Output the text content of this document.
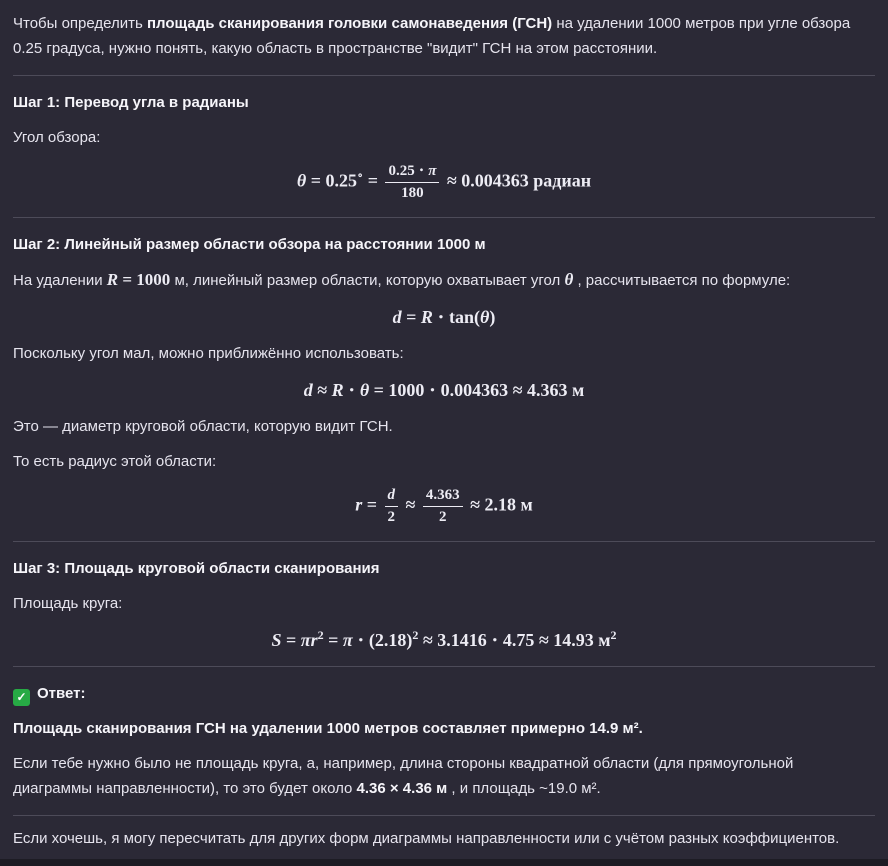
Чтобы определить площадь сканирования головки самонаведения (ГСН) на удалении 1000 метров при угле обзора 0.25 градуса, нужно понять, какую область в пространстве "видит" ГСН на этом расстоянии.

Шаг 1: Перевод угла в радианы

Угол обзора:

$\theta = 0.25^\circ = \frac{0.25 \cdot \pi}{180} \approx 0.004363$ радиан

Шаг 2: Линейный размер области обзора на расстоянии 1000 м

На удалении R = 1000 м, линейный размер области, которую охватывает угол θ , рассчитывается по формуле:

d = R ⋅ tan(θ)

Поскольку угол мал, можно приближённо использовать:

d ≈ R ⋅ θ = 1000 ⋅ 0.004363 ≈ 4.363 м

Это — диаметр круговой области, которую видит ГСН.

То есть радиус этой области:

$r = \frac{d}{2} \approx \frac{4.363}{2} \approx 2.18$ м

Шаг 3: Площадь круговой области сканирования

Площадь круга:

$S = \pi r^2 = \pi \cdot (2.18)^2 \approx 3.1416 \cdot 4.75 \approx 14.93$ $м^2$

✓ Ответ:

Площадь сканирования ГСН на удалении 1000 метров составляет примерно 14.9 м².

Если тебе нужно было не площадь круга, а, например, длина стороны квадратной области (для прямоугольной диаграммы направленности), то это будет около 4.36 × 4.36 м , и площадь ~19.0 м².

Если хочешь, я могу пересчитать для других форм диаграммы направленности или с учётом разных коэффициентов.
